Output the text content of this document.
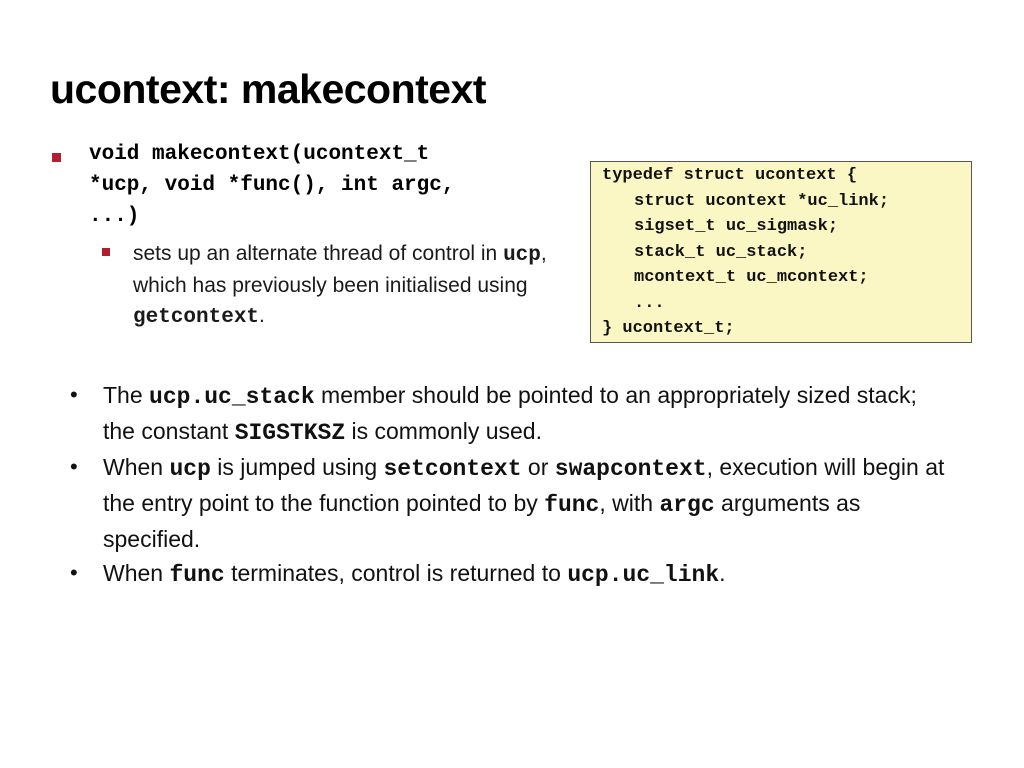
ucontext: makecontext
void makecontext(ucontext_t
*ucp, void *func(), int argc,
...)
sets up an alternate thread of control in ucp, which has previously been initialised using getcontext.
typedef struct ucontext {
struct ucontext *uc_link;
sigset_t uc_sigmask;
stack_t uc_stack;
mcontext_t uc_mcontext;
...
} ucontext_t;
• The ucp.uc_stack member should be pointed to an appropriately sized stack; the constant SIGSTKSZ is commonly used.
• When ucp is jumped using setcontext or swapcontext, execution will begin at the entry point to the function pointed to by func, with argc arguments as specified.
• When func terminates, control is returned to ucp.uc_link.
